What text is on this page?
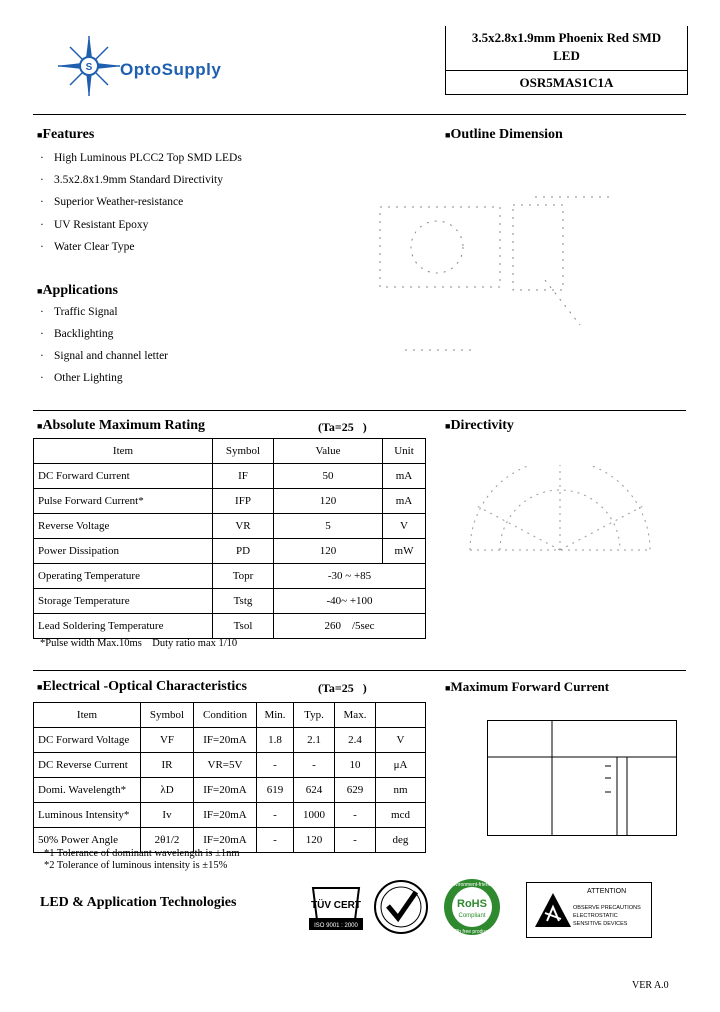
S OptoSupply
3.5x2.8x1.9mm Phoenix Red SMD
LED
OSR5MAS1C1A
■Features
· High Luminous PLCC2 Top SMD LEDs
· 3.5x2.8x1.9mm Standard Directivity
· Superior Weather-resistance
· UV Resistant Epoxy
· Water Clear Type
■Outline Dimension
■Applications
· Traffic Signal
· Backlighting
· Signal and channel letter
· Other Lighting
■Absolute Maximum Rating	(Ta=25   )
Item	Symbol	Value	Unit
DC Forward Current	IF	50	mA
Pulse Forward Current*	IFP	120	mA
Reverse Voltage	VR	5	V
Power Dissipation	PD	120	mW
Operating Temperature	Topr	-30 ~ +85	
Storage Temperature	Tstg	-40~ +100	
Lead Soldering Temperature	Tsol	260    /5sec	
*Pulse width Max.10ms    Duty ratio max 1/10
■Directivity
■Electrical -Optical Characteristics	(Ta=25   )
Item	Symbol	Condition	Min.	Typ.	Max.	
DC Forward Voltage	VF	IF=20mA	1.8	2.1	2.4	V
DC Reverse Current	IR	VR=5V	-	-	10	μA
Domi. Wavelength*	λD	IF=20mA	619	624	629	nm
Luminous Intensity*	Iv	IF=20mA	-	1000	-	mcd
50% Power Angle	2θ1/2	IF=20mA	-	120	-	deg
*1 Tolerance of dominant wavelength is ±1nm
*2 Tolerance of luminous intensity is ±15%
■Maximum Forward Current
LED & Application Technologies	TÜV CERT
ISO 9001 : 2000
Environment-friendly
RoHS
Compliant
Pb free product
ATTENTION
OBSERVE PRECAUTIONS
ELECTROSTATIC
SENSITIVE DEVICES
VER A.0
